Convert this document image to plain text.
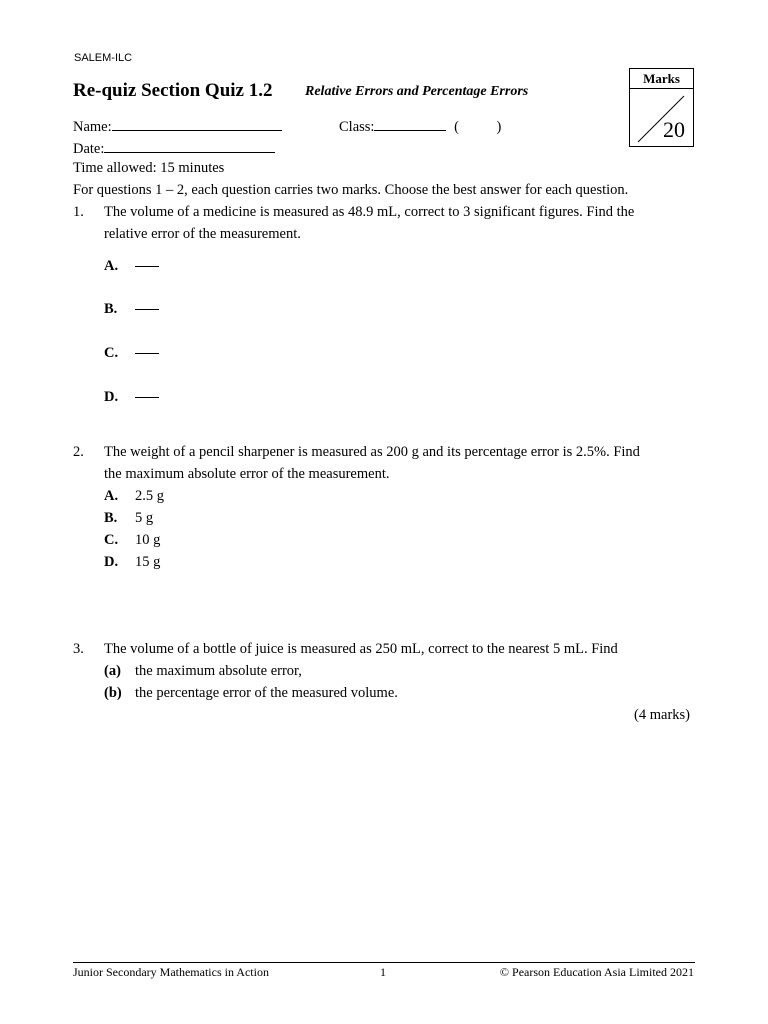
SALEM-ILC
Re-quiz Section Quiz 1.2 Relative Errors and Percentage Errors
Marks
20
Name:	Class:	(	)
Date:
Time allowed: 15 minutes
For questions 1 – 2, each question carries two marks. Choose the best answer for each question.
1. The volume of a medicine is measured as 48.9 mL, correct to 3 significant figures. Find the
relative error of the measurement.
A.
B.
C.
D.
2. The weight of a pencil sharpener is measured as 200 g and its percentage error is 2.5%. Find
the maximum absolute error of the measurement.
A. 2.5 g
B. 5 g
C. 10 g
D. 15 g
3. The volume of a bottle of juice is measured as 250 mL, correct to the nearest 5 mL. Find
(a) the maximum absolute error,
(b) the percentage error of the measured volume.
(4 marks)
Junior Secondary Mathematics in Action	1	© Pearson Education Asia Limited 2021
